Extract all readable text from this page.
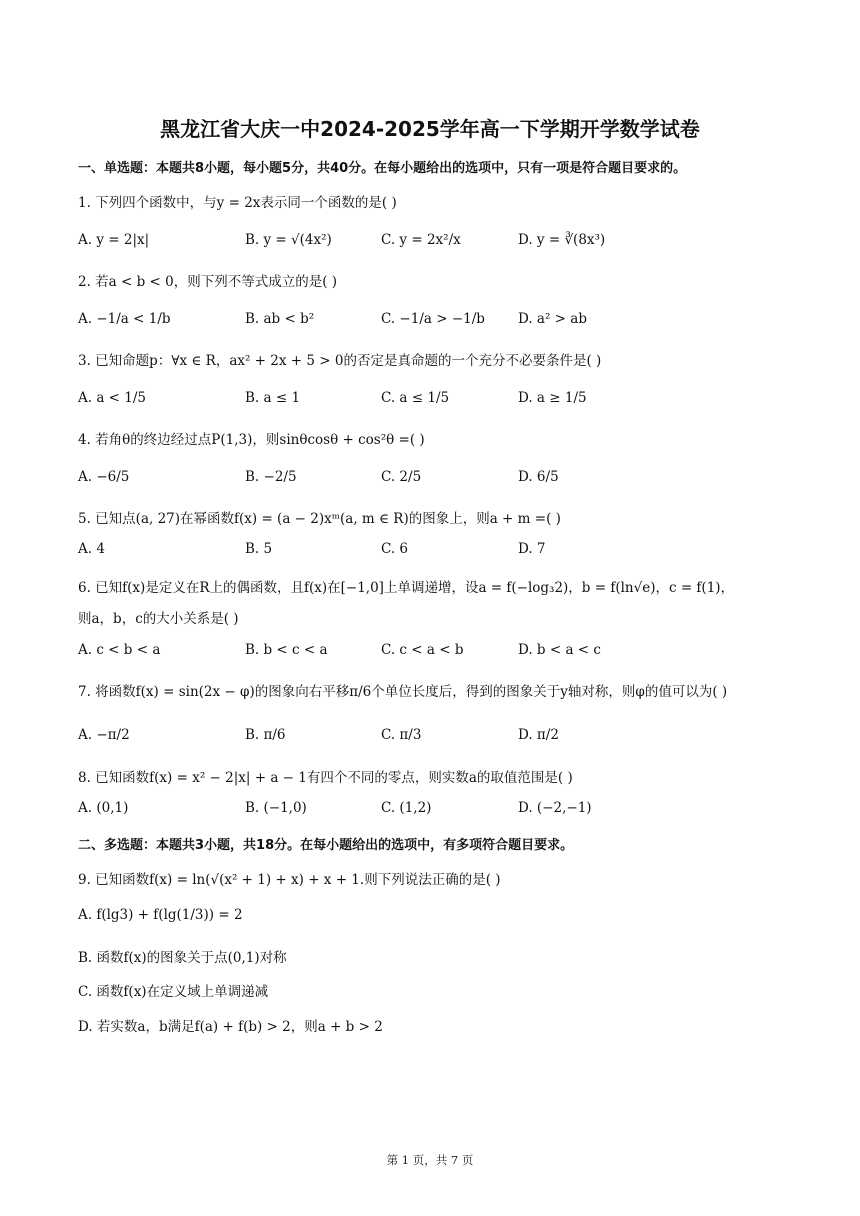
黑龙江省大庆一中2024-2025学年高一下学期开学数学试卷
一、单选题：本题共8小题，每小题5分，共40分。在每小题给出的选项中，只有一项是符合题目要求的。
1. 下列四个函数中，与y = 2x表示同一个函数的是( )
A. y = 2|x|	B. y = √(4x²)	C. y = 2x²/x	D. y = ∛(8x³)
2. 若a < b < 0，则下列不等式成立的是( )
A. −1/a < 1/b	B. ab < b²	C. −1/a > −1/b D. a² > ab
3. 已知命题p：∀x ∈ R，ax² + 2x + 5 > 0的否定是真命题的一个充分不必要条件是( )
A. a < 1/5	B. a ≤ 1	C. a ≤ 1/5	D. a ≥ 1/5
4. 若角θ的终边经过点P(1,3)，则sinθcosθ + cos²θ =( )
A. −6/5	B. −2/5	C. 2/5	D. 6/5
5. 已知点(a, 27)在幂函数f(x) = (a − 2)xᵐ(a, m ∈ R)的图象上，则a + m =( )
A. 4	B. 5	C. 6	D. 7
6. 已知f(x)是定义在R上的偶函数，且f(x)在[−1,0]上单调递增，设a = f(−log₃2)，b = f(ln√e)，c = f(1)，
则a，b，c的大小关系是( )
A. c < b < a	B. b < c < a	C. c < a < b	D. b < a < c
7. 将函数f(x) = sin(2x − φ)的图象向右平移π/6个单位长度后，得到的图象关于y轴对称，则φ的值可以为( )
A. −π/2	B. π/6	C. π/3	D. π/2
8. 已知函数f(x) = x² − 2|x| + a − 1有四个不同的零点，则实数a的取值范围是( )
A. (0,1)	B. (−1,0)	C. (1,2)	D. (−2,−1)
二、多选题：本题共3小题，共18分。在每小题给出的选项中，有多项符合题目要求。
9. 已知函数f(x) = ln(√(x² + 1) + x) + x + 1.则下列说法正确的是( )
A. f(lg3) + f(lg(1/3)) = 2
B. 函数f(x)的图象关于点(0,1)对称
C. 函数f(x)在定义域上单调递减
D. 若实数a，b满足f(a) + f(b) > 2，则a + b > 2
第 1 页，共 7 页
